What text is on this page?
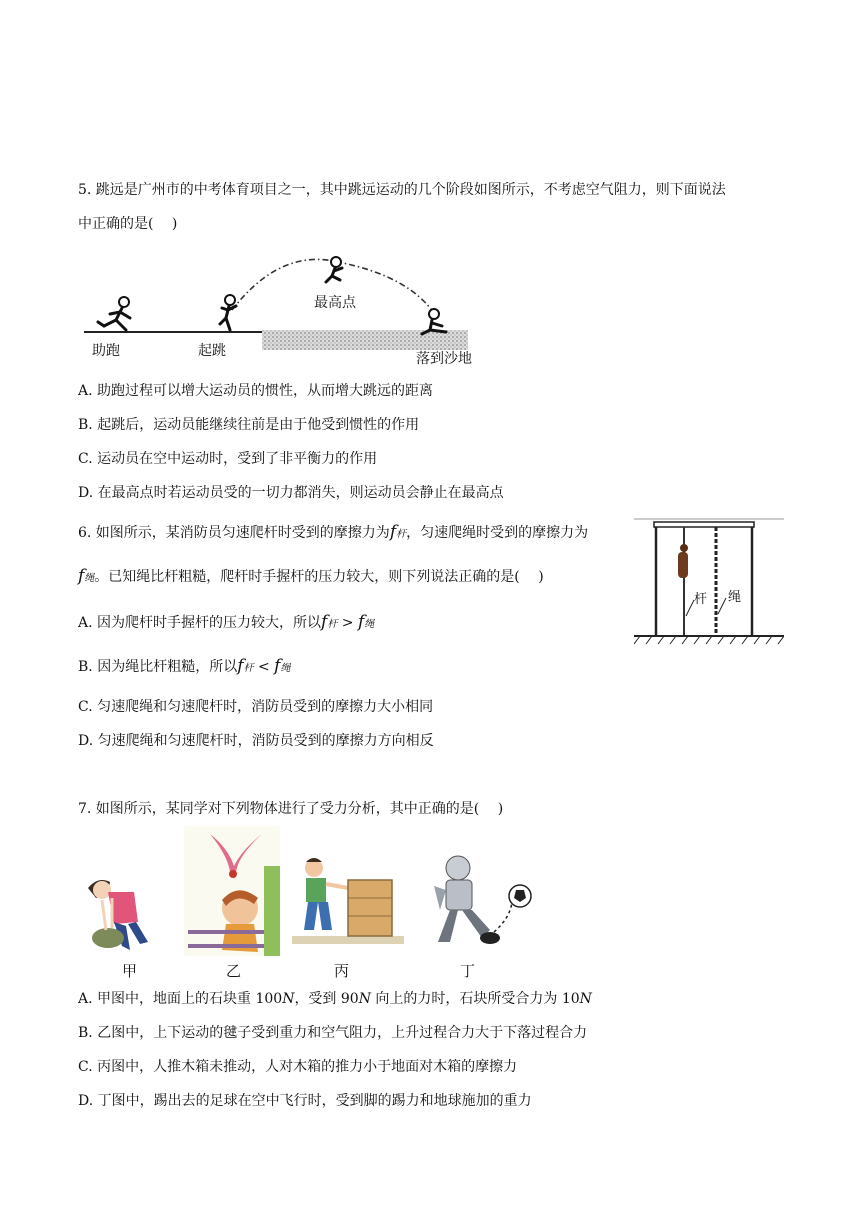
5. 跳远是广州市的中考体育项目之一，其中跳远运动的几个阶段如图所示，不考虑空气阻力，则下面说法
中正确的是(　 )
助跑	起跳
最高点
落到沙地
A. 助跑过程可以增大运动员的惯性，从而增大跳远的距离
B. 起跳后，运动员能继续往前是由于他受到惯性的作用
C. 运动员在空中运动时，受到了非平衡力的作用
D. 在最高点时若运动员受的一切力都消失，则运动员会静止在最高点
6. 如图所示，某消防员匀速爬杆时受到的摩擦力为f杆，匀速爬绳时受到的摩擦力为
f绳。已知绳比杆粗糙，爬杆时手握杆的压力较大，则下列说法正确的是(　 )
杆 绳
A. 因为爬杆时手握杆的压力较大，所以f杆 > f绳
B. 因为绳比杆粗糙，所以f杆 < f绳
C. 匀速爬绳和匀速爬杆时，消防员受到的摩擦力大小相同
D. 匀速爬绳和匀速爬杆时，消防员受到的摩擦力方向相反
7. 如图所示，某同学对下列物体进行了受力分析，其中正确的是(　 )
甲	乙	丙	丁
A. 甲图中，地面上的石块重 100N，受到 90N 向上的力时，石块所受合力为 10N
B. 乙图中，上下运动的毽子受到重力和空气阻力，上升过程合力大于下落过程合力
C. 丙图中，人推木箱未推动，人对木箱的推力小于地面对木箱的摩擦力
D. 丁图中，踢出去的足球在空中飞行时，受到脚的踢力和地球施加的重力
